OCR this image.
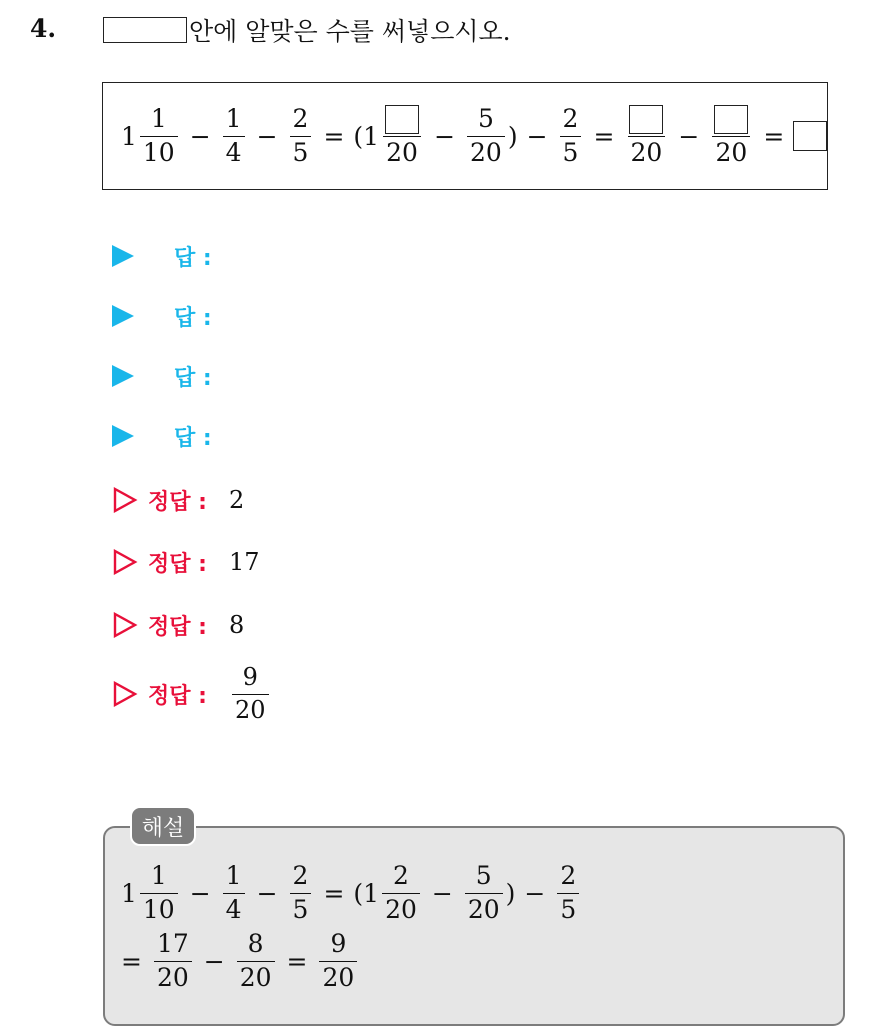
4.	안에 알맞은 수를 써넣으시오.
$1 \frac{1}{10} - \frac{1}{4} - \frac{2}{5} = (1$
20
− $\frac{5}{20}$ ) − $\frac{2}{5}$ =
20
−
20
=
답 :
답 :
답 :
답 :
정답 : 2
정답 : 17
정답 : 8
정답 : $\frac{9}{20}$
해설
$1 \frac{1}{10} - \frac{1}{4} - \frac{2}{5} = (1 \frac{2}{20} - \frac{5}{20}$ ) − $\frac{2}{5}$
= $\frac{17}{20} - \frac{8}{20} = \frac{9}{20}$
